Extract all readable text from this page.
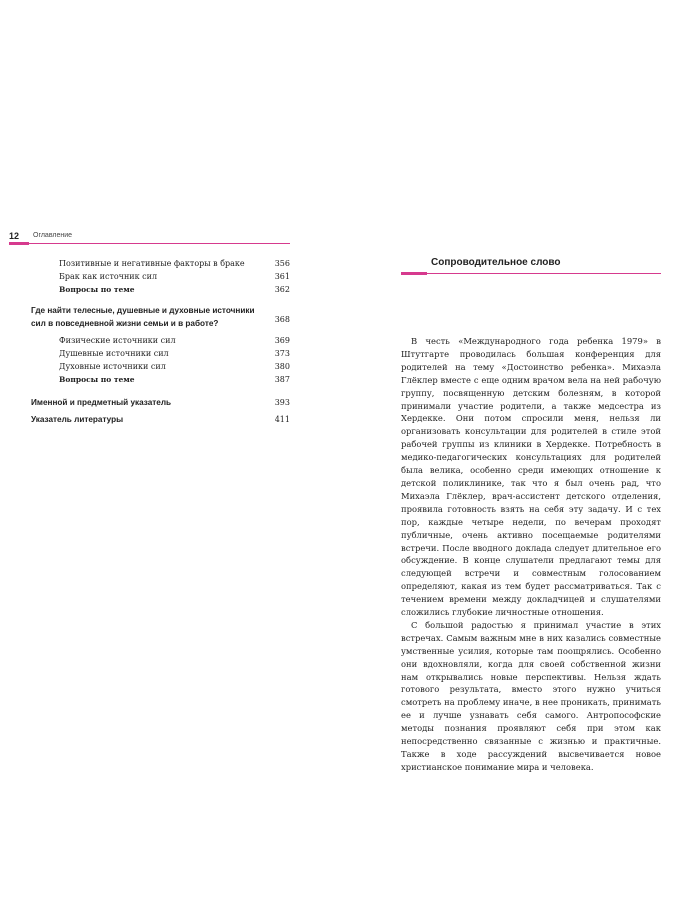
12 Оглавление
Позитивные и негативные факторы в браке	356
Брак как источник сил	361
Вопросы по теме	362
Где найти телесные, душевные и духовные источники
сил в повседневной жизни семьи и в работе?	368
Физические источники сил	369
Душевные источники сил	373
Духовные источники сил	380
Вопросы по теме	387
Именной и предметный указатель	393
Указатель литературы	411
Сопроводительное слово

В честь «Международного года ребенка 1979» в Штутгарте проводилась большая конференция для родителей на тему «Достоинство ребенка». Михаэла Глёклер вместе с еще одним врачом вела на ней рабочую группу, посвященную детским болезням, в которой принимали участие родители, а также медсестра из Хердекке. Они потом спросили меня, нельзя ли организовать консультации для родителей в стиле этой рабочей группы из клиники в Хердекке. Потребность в медико-педагогических консультациях для родителей была велика, особенно среди имеющих отношение к детской поликлинике, так что я был очень рад, что Михаэла Глёклер, врач-ассистент детского отделения, проявила готовность взять на себя эту задачу. И с тех пор, каждые четыре недели, по вечерам проходят публичные, очень активно посещаемые родителями встречи. После вводного доклада следует длительное его обсуждение. В конце слушатели предлагают темы для следующей встречи и совместным голосованием определяют, какая из тем будет рассматриваться. Так с течением времени между докладчицей и слушателями сложились глубокие личностные отношения.

С большой радостью я принимал участие в этих встречах. Самым важным мне в них казались совместные умственные усилия, которые там поощрялись. Особенно они вдохновляли, когда для своей собственной жизни нам открывались новые перспективы. Нельзя ждать готового результата, вместо этого нужно учиться смотреть на проблему иначе, в нее проникать, принимать ее и лучше узнавать себя самого. Антропософские методы познания проявляют себя при этом как непосредственно связанные с жизнью и практичные. Также в ходе рассуждений высвечивается новое христианское понимание мира и человека.
